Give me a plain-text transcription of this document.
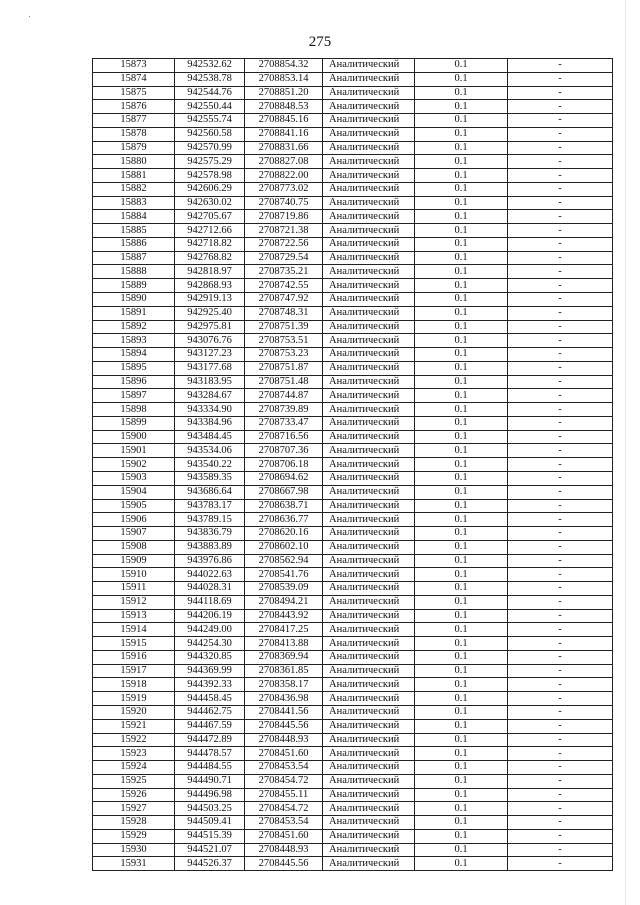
275
15873	942532.62	2708854.32	Аналитический	0.1	-
15874	942538.78	2708853.14	Аналитический	0.1	-
15875	942544.76	2708851.20	Аналитический	0.1	-
15876	942550.44	2708848.53	Аналитический	0.1	-
15877	942555.74	2708845.16	Аналитический	0.1	-
15878	942560.58	2708841.16	Аналитический	0.1	-
15879	942570.99	2708831.66	Аналитический	0.1	-
15880	942575.29	2708827.08	Аналитический	0.1	-
15881	942578.98	2708822.00	Аналитический	0.1	-
15882	942606.29	2708773.02	Аналитический	0.1	-
15883	942630.02	2708740.75	Аналитический	0.1	-
15884	942705.67	2708719.86	Аналитический	0.1	-
15885	942712.66	2708721.38	Аналитический	0.1	-
15886	942718.82	2708722.56	Аналитический	0.1	-
15887	942768.82	2708729.54	Аналитический	0.1	-
15888	942818.97	2708735.21	Аналитический	0.1	-
15889	942868.93	2708742.55	Аналитический	0.1	-
15890	942919.13	2708747.92	Аналитический	0.1	-
15891	942925.40	2708748.31	Аналитический	0.1	-
15892	942975.81	2708751.39	Аналитический	0.1	-
15893	943076.76	2708753.51	Аналитический	0.1	-
15894	943127.23	2708753.23	Аналитический	0.1	-
15895	943177.68	2708751.87	Аналитический	0.1	-
15896	943183.95	2708751.48	Аналитический	0.1	-
15897	943284.67	2708744.87	Аналитический	0.1	-
15898	943334.90	2708739.89	Аналитический	0.1	-
15899	943384.96	2708733.47	Аналитический	0.1	-
15900	943484.45	2708716.56	Аналитический	0.1	-
15901	943534.06	2708707.36	Аналитический	0.1	-
15902	943540.22	2708706.18	Аналитический	0.1	-
15903	943589.35	2708694.62	Аналитический	0.1	-
15904	943686.64	2708667.98	Аналитический	0.1	-
15905	943783.17	2708638.71	Аналитический	0.1	-
15906	943789.15	2708636.77	Аналитический	0.1	-
15907	943836.79	2708620.16	Аналитический	0.1	-
15908	943883.89	2708602.10	Аналитический	0.1	-
15909	943976.86	2708562.94	Аналитический	0.1	-
15910	944022.63	2708541.76	Аналитический	0.1	-
15911	944028.31	2708539.09	Аналитический	0.1	-
15912	944118.69	2708494.21	Аналитический	0.1	-
15913	944206.19	2708443.92	Аналитический	0.1	-
15914	944249.00	2708417.25	Аналитический	0.1	-
15915	944254.30	2708413.88	Аналитический	0.1	-
15916	944320.85	2708369.94	Аналитический	0.1	-
15917	944369.99	2708361.85	Аналитический	0.1	-
15918	944392.33	2708358.17	Аналитический	0.1	-
15919	944458.45	2708436.98	Аналитический	0.1	-
15920	944462.75	2708441.56	Аналитический	0.1	-
15921	944467.59	2708445.56	Аналитический	0.1	-
15922	944472.89	2708448.93	Аналитический	0.1	-
15923	944478.57	2708451.60	Аналитический	0.1	-
15924	944484.55	2708453.54	Аналитический	0.1	-
15925	944490.71	2708454.72	Аналитический	0.1	-
15926	944496.98	2708455.11	Аналитический	0.1	-
15927	944503.25	2708454.72	Аналитический	0.1	-
15928	944509.41	2708453.54	Аналитический	0.1	-
15929	944515.39	2708451.60	Аналитический	0.1	-
15930	944521.07	2708448.93	Аналитический	0.1	-
15931	944526.37	2708445.56	Аналитический	0.1	-
